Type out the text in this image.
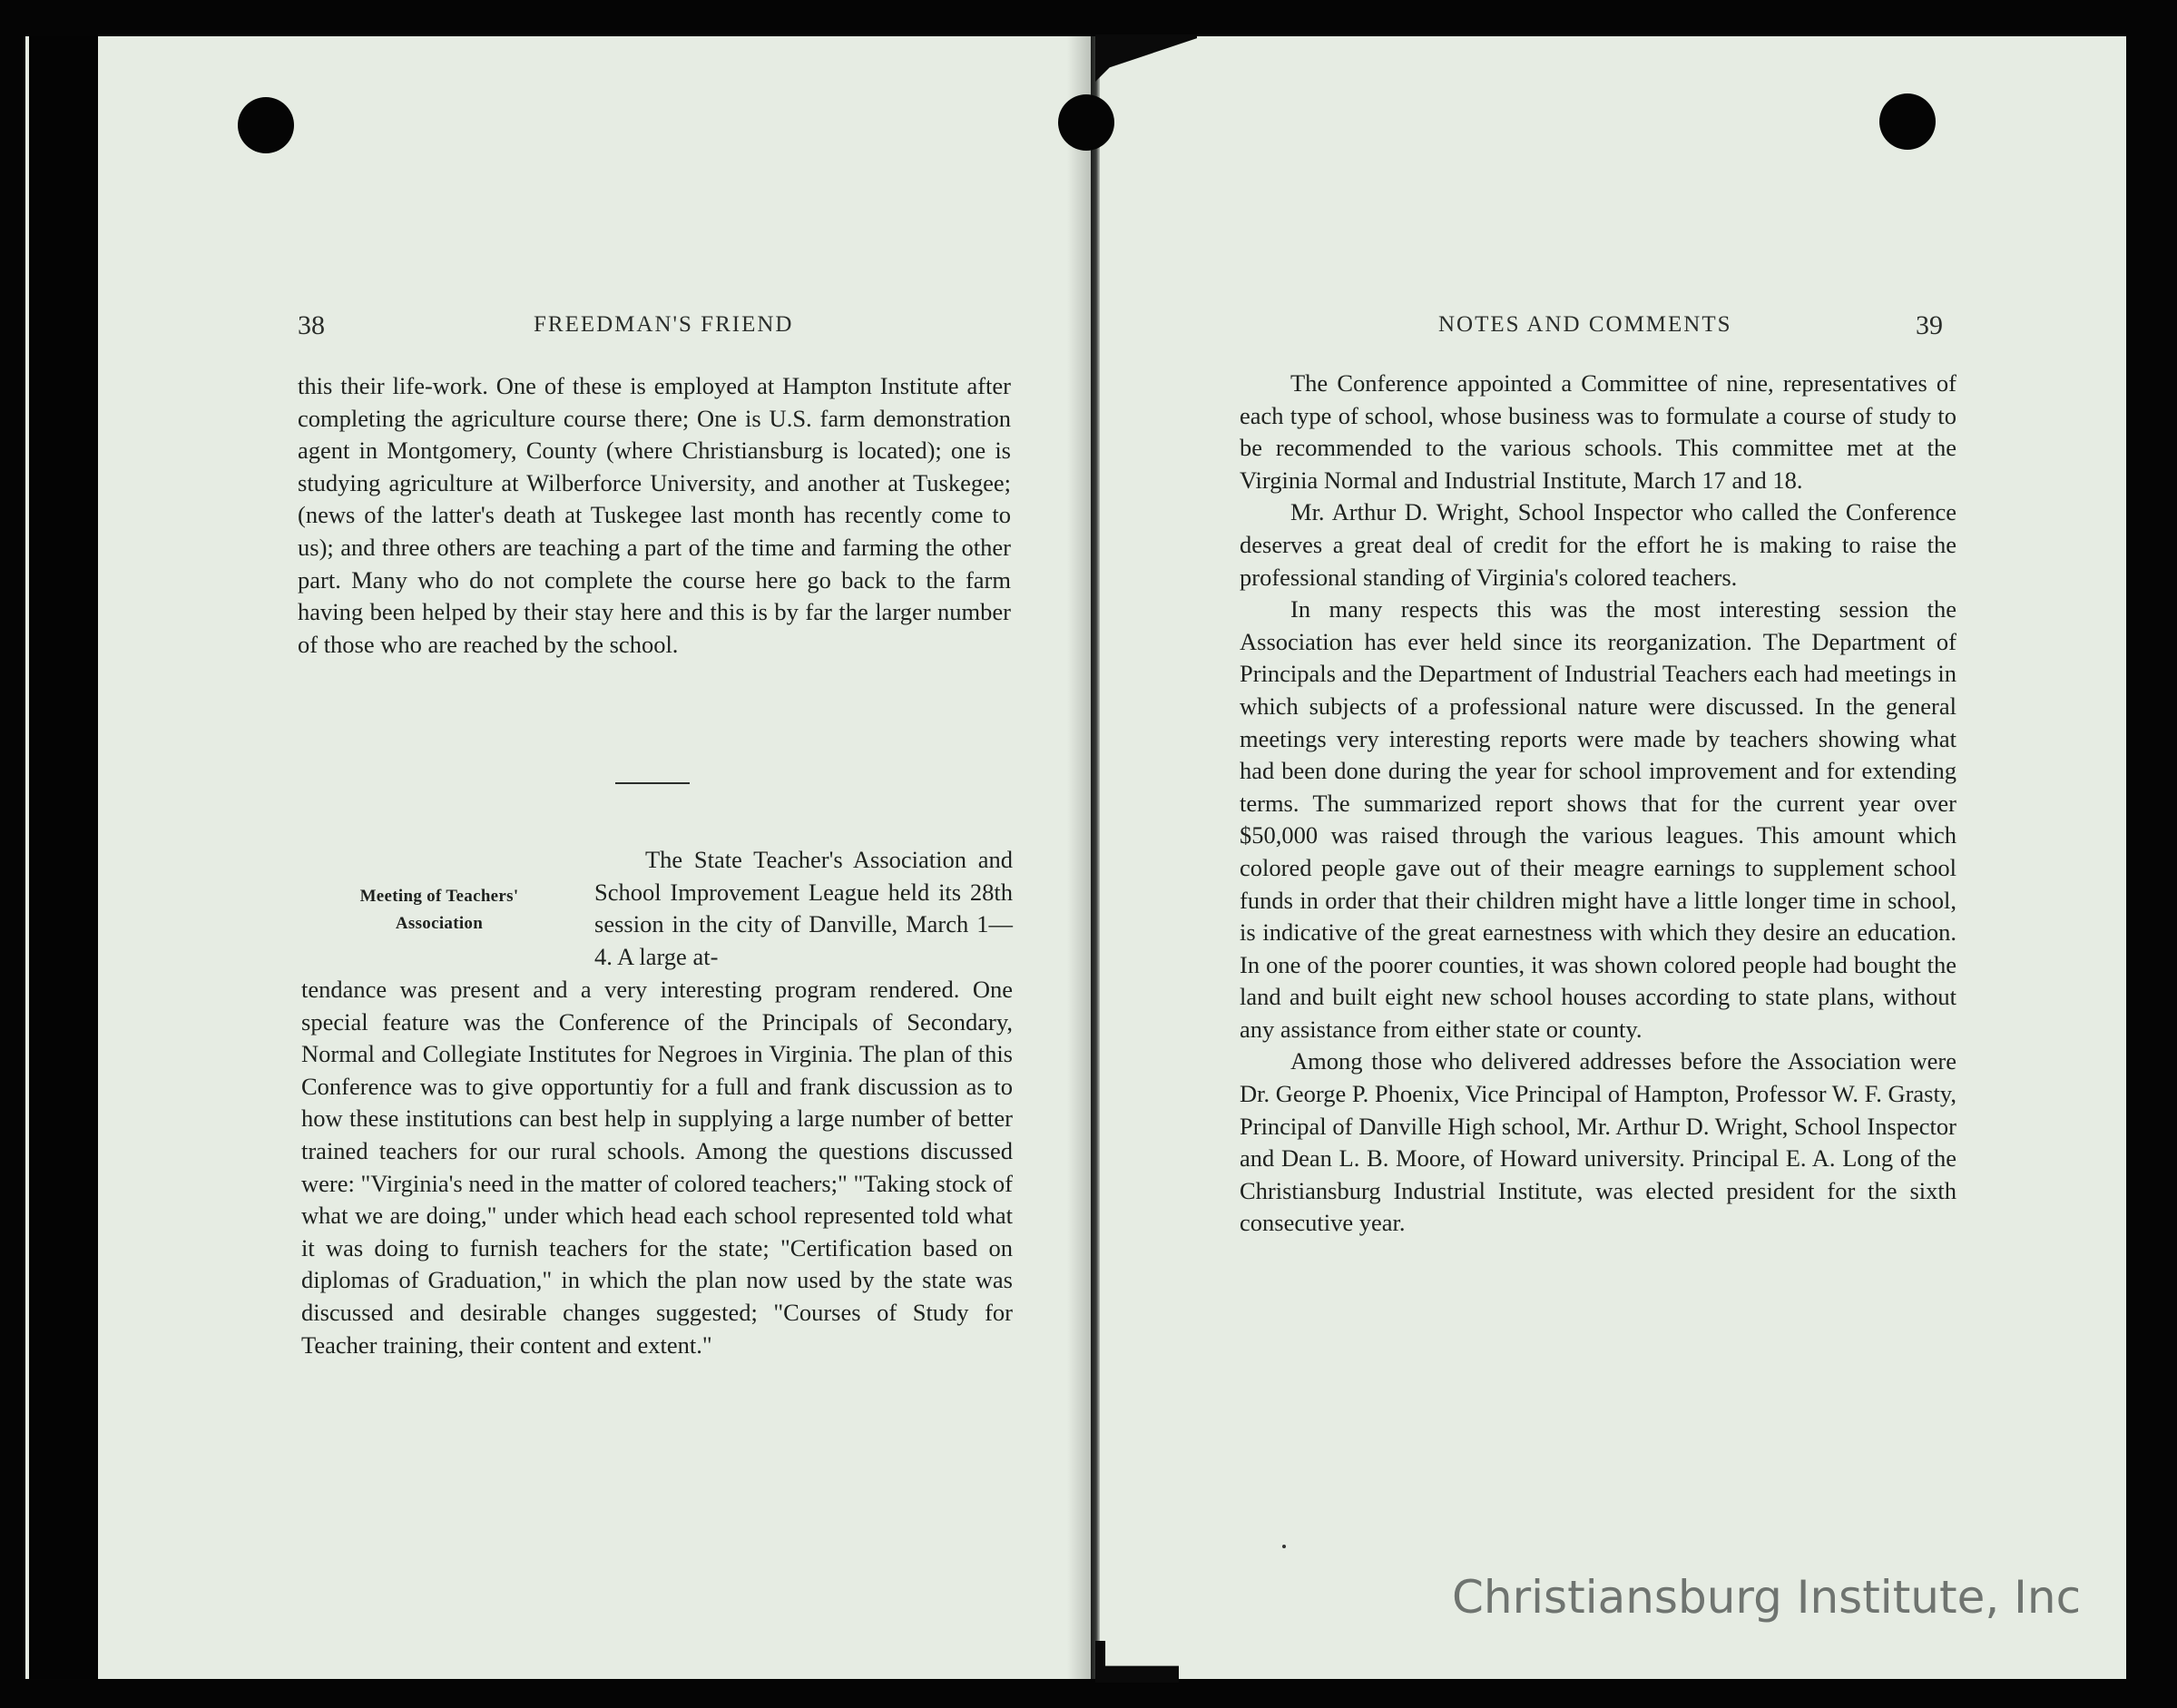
38	FREEDMAN'S FRIEND

this their life-work. One of these is employed at Hampton Institute after completing the agriculture course there; One is U.S. farm demonstration agent in Montgomery, County (where Christiansburg is located); one is studying agriculture at Wilberforce University, and another at Tuskegee; (news of the latter's death at Tuskegee last month has recently come to us); and three others are teaching a part of the time and farming the other part. Many who do not complete the course here go back to the farm having been helped by their stay here and this is by far the larger number of those who are reached by the school.

Meeting of Teachers'
Association

The State Teacher's Association and School Improvement League held its 28th session in the city of Danville, March 1—4. A large at-

tendance was present and a very interesting program rendered. One special feature was the Conference of the Principals of Secondary, Normal and Collegiate Institutes for Negroes in Virginia. The plan of this Conference was to give opportuntiy for a full and frank discussion as to how these institutions can best help in supplying a large number of better trained teachers for our rural schools. Among the questions discussed were: "Virginia's need in the matter of colored teachers;" "Taking stock of what we are doing," under which head each school represented told what it was doing to furnish teachers for the state; "Certification based on diplomas of Graduation," in which the plan now used by the state was discussed and desirable changes suggested; "Courses of Study for Teacher training, their content and extent."

NOTES AND COMMENTS	39

The Conference appointed a Committee of nine, representatives of each type of school, whose business was to formulate a course of study to be recommended to the various schools. This committee met at the Virginia Normal and Industrial Institute, March 17 and 18.

Mr. Arthur D. Wright, School Inspector who called the Conference deserves a great deal of credit for the effort he is making to raise the professional standing of Virginia's colored teachers.

In many respects this was the most interesting session the Association has ever held since its reorganization. The Department of Principals and the Department of Industrial Teachers each had meetings in which subjects of a professional nature were discussed. In the general meetings very interesting reports were made by teachers showing what had been done during the year for school improvement and for extending terms. The summarized report shows that for the current year over $50,000 was raised through the various leagues. This amount which colored people gave out of their meagre earnings to supplement school funds in order that their children might have a little longer time in school, is indicative of the great earnestness with which they desire an education. In one of the poorer counties, it was shown colored people had bought the land and built eight new school houses according to state plans, without any assistance from either state or county.

Among those who delivered addresses before the Association were Dr. George P. Phoenix, Vice Principal of Hampton, Professor W. F. Grasty, Principal of Danville High school, Mr. Arthur D. Wright, School Inspector and Dean L. B. Moore, of Howard university. Principal E. A. Long of the Christiansburg Industrial Institute, was elected president for the sixth consecutive year.

Christiansburg Institute, Inc
